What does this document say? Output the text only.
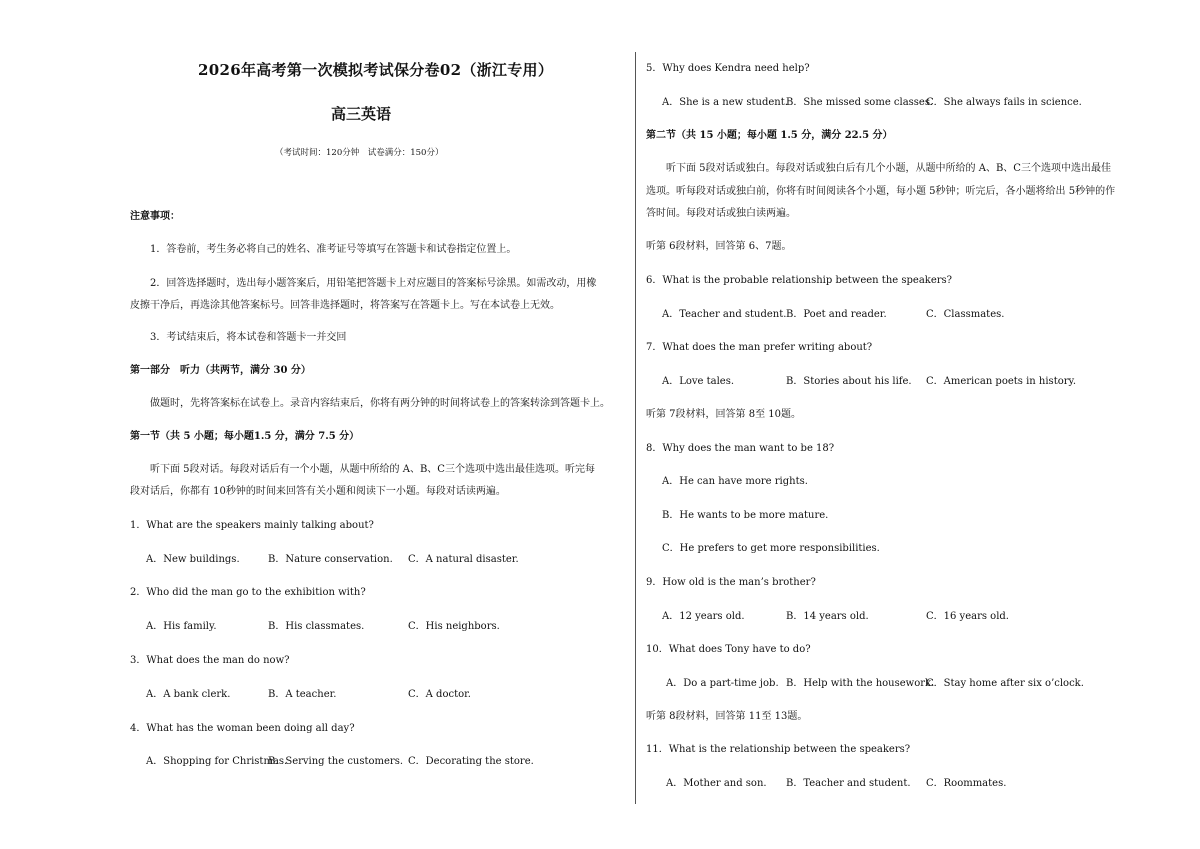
2026年高考第一次模拟考试保分卷02（浙江专用）
高三英语
（考试时间：120分钟　试卷满分：150分）
注意事项：
1．答卷前，考生务必将自己的姓名、准考证号等填写在答题卡和试卷指定位置上。
2．回答选择题时，选出每小题答案后，用铅笔把答题卡上对应题目的答案标号涂黑。如需改动，用橡
皮擦干净后，再选涂其他答案标号。回答非选择题时，将答案写在答题卡上。写在本试卷上无效。
3．考试结束后，将本试卷和答题卡一并交回
第一部分　听力（共两节，满分 30 分）
做题时，先将答案标在试卷上。录音内容结束后，你将有两分钟的时间将试卷上的答案转涂到答题卡上。
第一节（共 5 小题；每小题1.5 分，满分 7.5 分）
听下面 5段对话。每段对话后有一个小题，从题中所给的 A、B、C三个选项中选出最佳选项。听完每
段对话后，你都有 10秒钟的时间来回答有关小题和阅读下一小题。每段对话读两遍。
1．What are the speakers mainly talking about?
A．New buildings.	B．Nature conservation. C．A natural disaster.
2．Who did the man go to the exhibition with?
A．His family.	B．His classmates.	C．His neighbors.
3．What does the man do now?
A．A bank clerk.	B．A teacher.	C．A doctor.
4．What has the woman been doing all day?
A．Shopping for Christmas.
B．Serving the customers. C．Decorating the store.
5．Why does Kendra need help?
A．She is a new student.
B．She missed some classes.
C．She always fails in science.
第二节（共 15 小题；每小题 1.5 分，满分 22.5 分）
听下面 5段对话或独白。每段对话或独白后有几个小题，从题中所给的 A、B、C三个选项中选出最佳
选项。听每段对话或独白前，你将有时间阅读各个小题，每小题 5秒钟；听完后，各小题将给出 5秒钟的作
答时间。每段对话或独白读两遍。
听第 6段材料，回答第 6、7题。
6．What is the probable relationship between the speakers?
A．Teacher and student. B．Poet and reader.	C．Classmates.
7．What does the man prefer writing about?
A．Love tales.	B．Stories about his life. C．American poets in history.
听第 7段材料，回答第 8至 10题。
8．Why does the man want to be 18?
A．He can have more rights.
B．He wants to be more mature.
C．He prefers to get more responsibilities.
9．How old is the man’s brother?
A．12 years old.	B．14 years old.	C．16 years old.
10．What does Tony have to do?
A．Do a part-time job. B．Help with the housework.
C．Stay home after six o’clock.
听第 8段材料，回答第 11至 13题。
11．What is the relationship between the speakers?
A．Mother and son. B．Teacher and student. C．Roommates.
